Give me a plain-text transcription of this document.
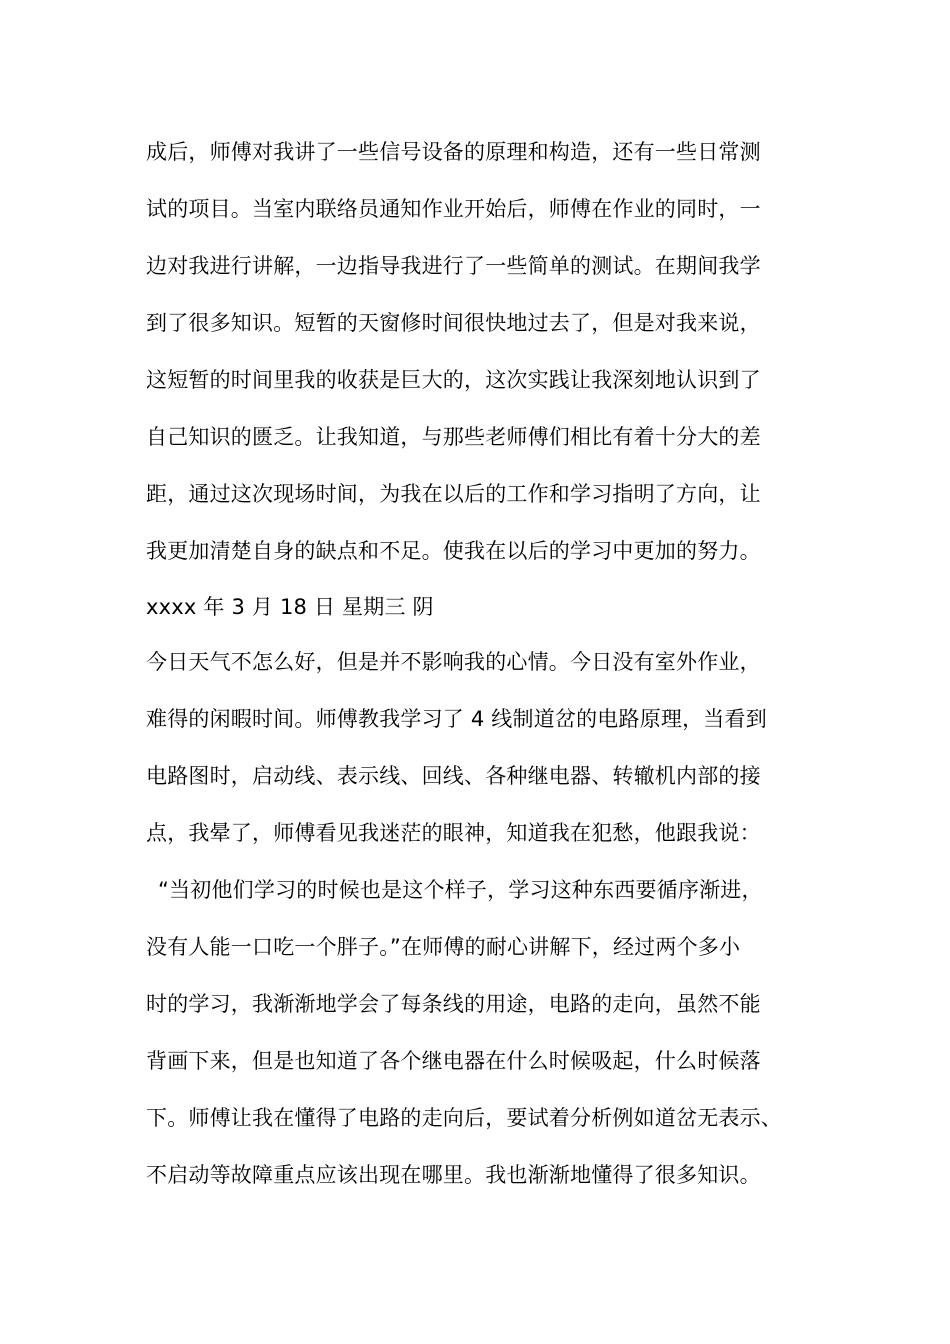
成后，师傅对我讲了一些信号设备的原理和构造，还有一些日常测
试的项目。当室内联络员通知作业开始后，师傅在作业的同时，一
边对我进行讲解，一边指导我进行了一些简单的测试。在期间我学
到了很多知识。短暂的天窗修时间很快地过去了，但是对我来说，
这短暂的时间里我的收获是巨大的，这次实践让我深刻地认识到了
自己知识的匮乏。让我知道，与那些老师傅们相比有着十分大的差
距，通过这次现场时间，为我在以后的工作和学习指明了方向，让
我更加清楚自身的缺点和不足。使我在以后的学习中更加的努力。
xxxx 年 3 月 18 日 星期三 阴
今日天气不怎么好，但是并不影响我的心情。今日没有室外作业，
难得的闲暇时间。师傅教我学习了 4 线制道岔的电路原理，当看到
电路图时，启动线、表示线、回线、各种继电器、转辙机内部的接
点，我晕了，师傅看见我迷茫的眼神，知道我在犯愁，他跟我说：
“当初他们学习的时候也是这个样子，学习这种东西要循序渐进，
没有人能一口吃一个胖子。”在师傅的耐心讲解下，经过两个多小
时的学习，我渐渐地学会了每条线的用途，电路的走向，虽然不能
背画下来，但是也知道了各个继电器在什么时候吸起，什么时候落
下。师傅让我在懂得了电路的走向后，要试着分析例如道岔无表示、
不启动等故障重点应该出现在哪里。我也渐渐地懂得了很多知识。
